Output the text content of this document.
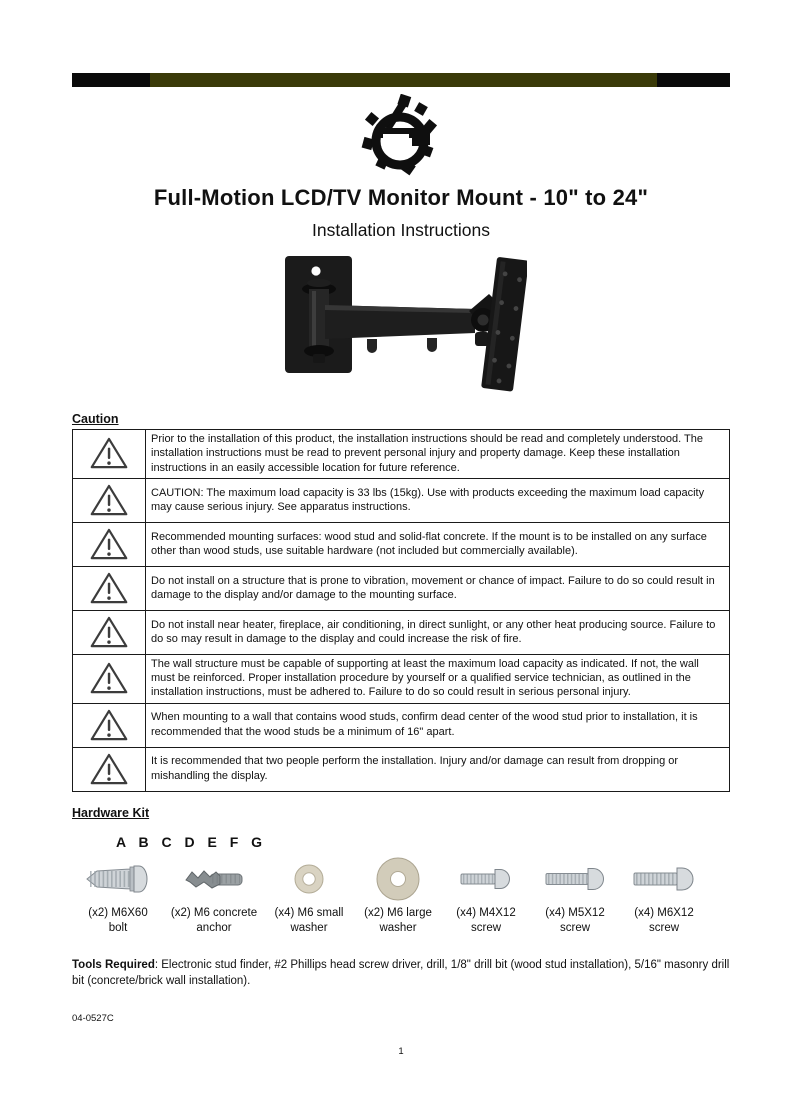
Full-Motion LCD/TV Monitor Mount - 10" to 24"
Installation Instructions
Caution
	Prior to the installation of this product, the installation instructions should be read and completely understood. The installation instructions must be read to prevent personal injury and property damage. Keep these installation instructions in an easily accessible location for future reference.
	CAUTION: The maximum load capacity is 33 lbs (15kg). Use with products exceeding the maximum load capacity may cause serious injury. See apparatus instructions.
	Recommended mounting surfaces: wood stud and solid-flat concrete. If the mount is to be installed on any surface other than wood studs, use suitable hardware (not included but commercially available).
	Do not install on a structure that is prone to vibration, movement or chance of impact. Failure to do so could result in damage to the display and/or damage to the mounting surface.
	Do not install near heater, fireplace, air conditioning, in direct sunlight, or any other heat producing source. Failure to do so may result in damage to the display and could increase the risk of fire.
	The wall structure must be capable of supporting at least the maximum load capacity as indicated. If not, the wall must be reinforced. Proper installation procedure by yourself or a qualified service technician, as outlined in the installation instructions, must be adhered to. Failure to do so could result in serious personal injury.
	When mounting to a wall that contains wood studs, confirm dead center of the wood stud prior to installation, it is recommended that the wood studs be a minimum of 16" apart.
	It is recommended that two people perform the installation. Injury and/or damage can result from dropping or mishandling the display.
Hardware Kit
A B C D E F G
(x2) M6X60
bolt
(x2) M6 concrete
anchor
(x4) M6 small
washer
(x2) M6 large
washer
(x4) M4X12
screw
(x4) M5X12
screw
(x4) M6X12
screw

Tools Required: Electronic stud finder, #2 Phillips head screw driver, drill, 1/8" drill bit (wood stud installation), 5/16" masonry drill bit (concrete/brick wall installation).

04-0527C
1
